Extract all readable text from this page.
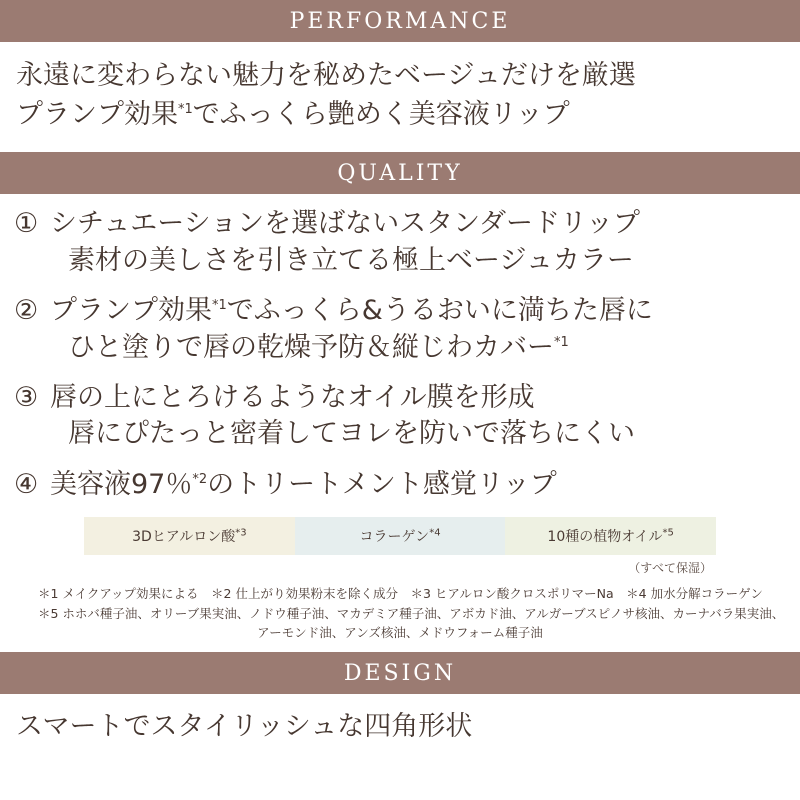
PERFORMANCE
永遠に変わらない魅力を秘めたベージュだけを厳選
プランプ効果$^{*1}$でふっくら艶めく美容液リップ
QUALITY
① シチュエーションを選ばないスタンダードリップ
素材の美しさを引き立てる極上ベージュカラー
② プランプ効果$^{*1}$でふっくら&うるおいに満ちた唇に
ひと塗りで唇の乾燥予防＆縦じわカバー$^{*1}$
③ 唇の上にとろけるようなオイル膜を形成
唇にぴたっと密着してヨレを防いで落ちにくい
④ 美容液97％$^{*2}$のトリートメント感覚リップ
3Dヒアルロン酸$^{*3}$	コラーゲン$^{*4}$	10種の植物オイル$^{*5}$
（すべて保湿）
＊1 メイクアップ効果による　＊2 仕上がり効果粉末を除く成分　＊3 ヒアルロン酸クロスポリマーNa　＊4 加水分解コラーゲン
＊5 ホホバ種子油、オリーブ果実油、ノドウ種子油、マカデミア種子油、アボカド油、アルガーブスピノサ核油、カーナバラ果実油、
アーモンド油、アンズ核油、メドウフォーム種子油
DESIGN
スマートでスタイリッシュな四角形状
